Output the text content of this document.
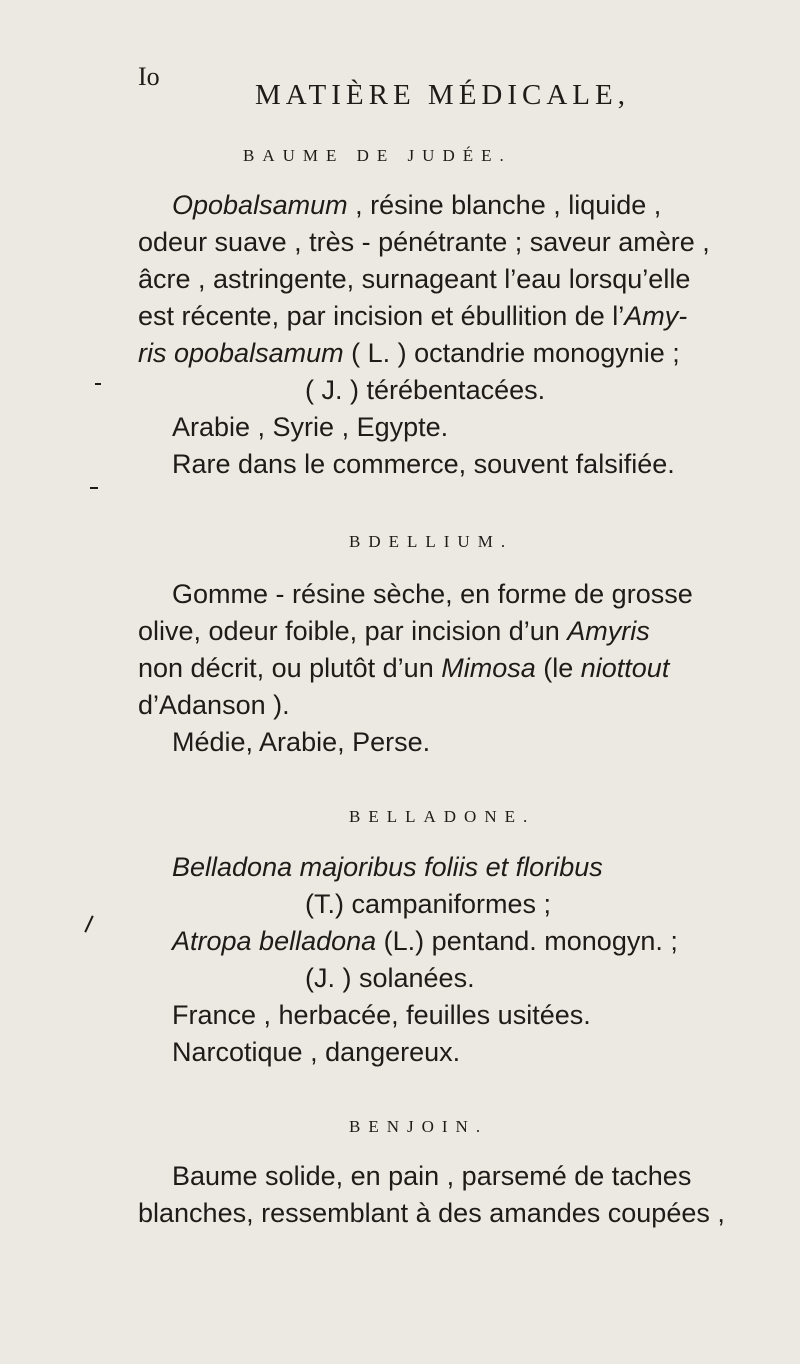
Io
MATIÈRE MÉDICALE,
BAUME DE JUDÉE.
Opobalsamum , résine blanche , liquide ,
odeur suave , très - pénétrante ; saveur amère ,
âcre , astringente, surnageant l’eau lorsqu’elle
est récente, par incision et ébullition de l’Amy-
ris opobalsamum ( L. ) octandrie monogynie ;
( J. ) térébentacées.
Arabie , Syrie , Egypte.
Rare dans le commerce, souvent falsifiée.
BDELLIUM.
Gomme - résine sèche, en forme de grosse
olive, odeur foible, par incision d’un Amyris
non décrit, ou plutôt d’un Mimosa (le niottout
d’Adanson ).
Médie, Arabie, Perse.
BELLADONE.
Belladona majoribus foliis et floribus
(T.) campaniformes ;
Atropa belladona (L.) pentand. monogyn. ;
(J. ) solanées.
France , herbacée, feuilles usitées.
Narcotique , dangereux.
BENJOIN.
Baume solide, en pain , parsemé de taches
blanches, ressemblant à des amandes coupées ,
